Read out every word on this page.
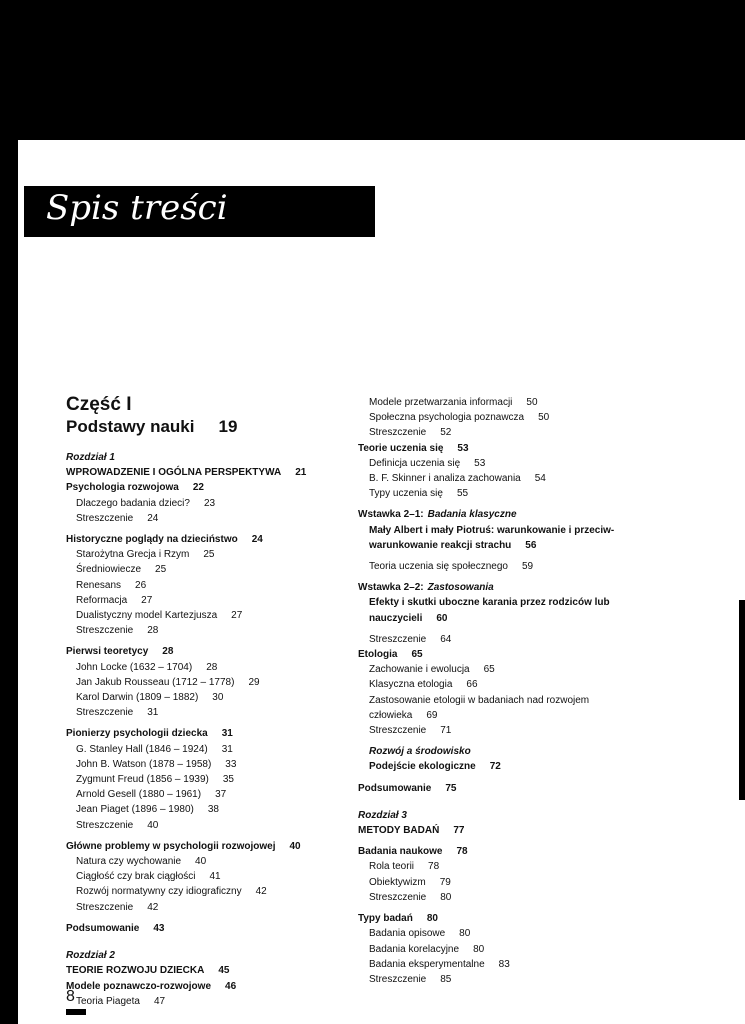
Spis treści
Część I
Podstawy nauki 19
Rozdział 1
WPROWADZENIE I OGÓLNA PERSPEKTYWA 21
Psychologia rozwojowa 22
Dlaczego badania dzieci? 23
Streszczenie 24
Historyczne poglądy na dzieciństwo 24
Starożytna Grecja i Rzym 25
Średniowiecze 25
Renesans 26
Reformacja 27
Dualistyczny model Kartezjusza 27
Streszczenie 28
Pierwsi teoretycy 28
John Locke (1632 – 1704) 28
Jan Jakub Rousseau (1712 – 1778) 29
Karol Darwin (1809 – 1882) 30
Streszczenie 31
Pionierzy psychologii dziecka 31
G. Stanley Hall (1846 – 1924) 31
John B. Watson (1878 – 1958) 33
Zygmunt Freud (1856 – 1939) 35
Arnold Gesell (1880 – 1961) 37
Jean Piaget (1896 – 1980) 38
Streszczenie 40
Główne problemy w psychologii rozwojowej 40
Natura czy wychowanie 40
Ciągłość czy brak ciągłości 41
Rozwój normatywny czy idiograficzny 42
Streszczenie 42
Podsumowanie 43
Rozdział 2
TEORIE ROZWOJU DZIECKA 45
Modele poznawczo-rozwojowe 46
Teoria Piageta 47
Modele przetwarzania informacji 50
Społeczna psychologia poznawcza 50
Streszczenie 52
Teorie uczenia się 53
Definicja uczenia się 53
B. F. Skinner i analiza zachowania 54
Typy uczenia się 55
Wstawka 2–1: Badania klasyczne
Mały Albert i mały Piotruś: warunkowanie i przeciw-
warunkowanie reakcji strachu 56
Teoria uczenia się społecznego 59
Wstawka 2–2: Zastosowania
Efekty i skutki uboczne karania przez rodziców lub
nauczycieli 60
Streszczenie 64
Etologia 65
Zachowanie i ewolucja 65
Klasyczna etologia 66
Zastosowanie etologii w badaniach nad rozwojem
człowieka 69
Streszczenie 71
Rozwój a środowisko
Podejście ekologiczne 72
Podsumowanie 75
Rozdział 3
METODY BADAŃ 77
Badania naukowe 78
Rola teorii 78
Obiektywizm 79
Streszczenie 80
Typy badań 80
Badania opisowe 80
Badania korelacyjne 80
Badania eksperymentalne 83
Streszczenie 85
8
